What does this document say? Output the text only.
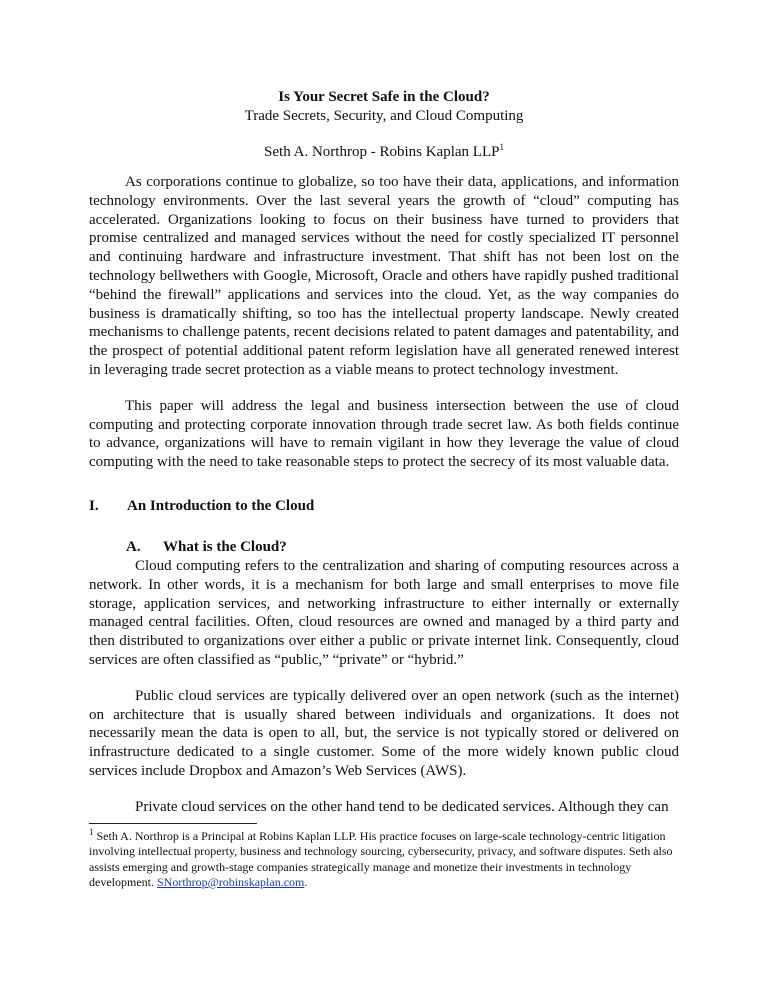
Is Your Secret Safe in the Cloud?

Trade Secrets, Security, and Cloud Computing

Seth A. Northrop - Robins Kaplan LLP$^1$

As corporations continue to globalize, so too have their data, applications, and information technology environments. Over the last several years the growth of “cloud” computing has accelerated. Organizations looking to focus on their business have turned to providers that promise centralized and managed services without the need for costly specialized IT personnel and continuing hardware and infrastructure investment. That shift has not been lost on the technology bellwethers with Google, Microsoft, Oracle and others have rapidly pushed traditional “behind the firewall” applications and services into the cloud. Yet, as the way companies do business is dramatically shifting, so too has the intellectual property landscape. Newly created mechanisms to challenge patents, recent decisions related to patent damages and patentability, and the prospect of potential additional patent reform legislation have all generated renewed interest in leveraging trade secret protection as a viable means to protect technology investment.

This paper will address the legal and business intersection between the use of cloud computing and protecting corporate innovation through trade secret law. As both fields continue to advance, organizations will have to remain vigilant in how they leverage the value of cloud computing with the need to take reasonable steps to protect the secrecy of its most valuable data.

I.	An Introduction to the Cloud
A.	What is the Cloud?

Cloud computing refers to the centralization and sharing of computing resources across a network. In other words, it is a mechanism for both large and small enterprises to move file storage, application services, and networking infrastructure to either internally or externally managed central facilities. Often, cloud resources are owned and managed by a third party and then distributed to organizations over either a public or private internet link. Consequently, cloud services are often classified as “public,” “private” or “hybrid.”

Public cloud services are typically delivered over an open network (such as the internet) on architecture that is usually shared between individuals and organizations. It does not necessarily mean the data is open to all, but, the service is not typically stored or delivered on infrastructure dedicated to a single customer. Some of the more widely known public cloud services include Dropbox and Amazon’s Web Services (AWS).

Private cloud services on the other hand tend to be dedicated services. Although they can

$^1$ Seth A. Northrop is a Principal at Robins Kaplan LLP. His practice focuses on large-scale technology-centric litigation involving intellectual property, business and technology sourcing, cybersecurity, privacy, and software disputes. Seth also assists emerging and growth-stage companies strategically manage and monetize their investments in technology development. SNorthrop@robinskaplan.com.
